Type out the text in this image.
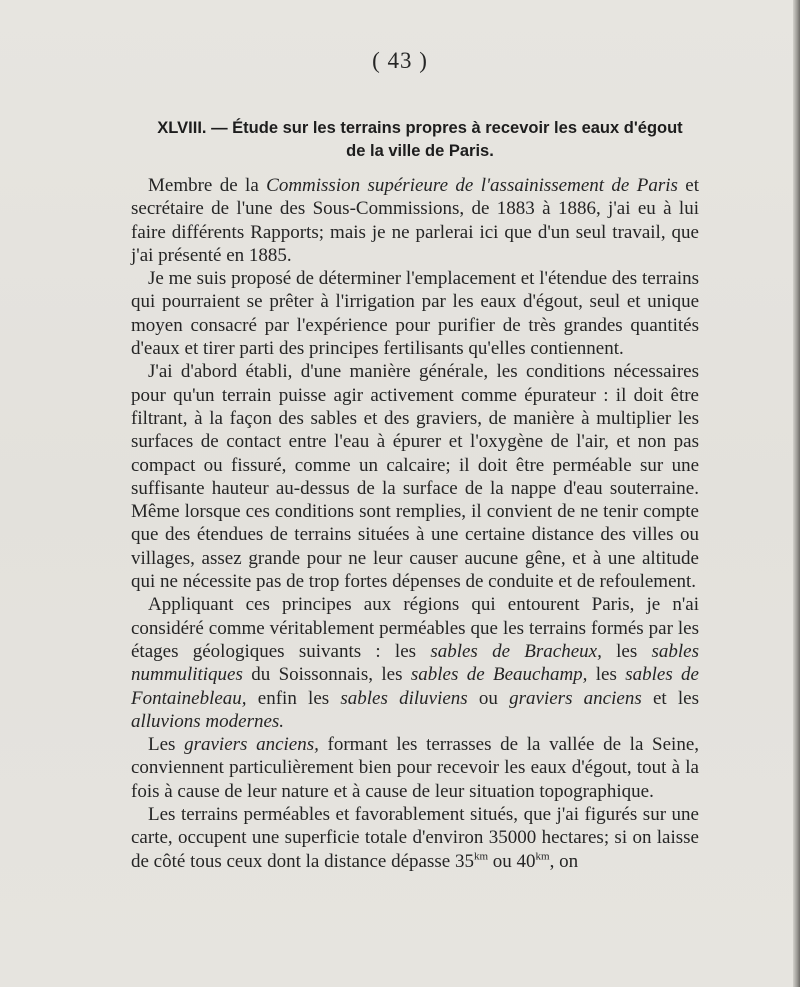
( 43 )
XLVIII. — Étude sur les terrains propres à recevoir les eaux d'égout
de la ville de Paris.

Membre de la Commission supérieure de l'assainissement de Paris et secrétaire de l'une des Sous-Commissions, de 1883 à 1886, j'ai eu à lui faire différents Rapports; mais je ne parlerai ici que d'un seul travail, que j'ai présenté en 1885.

Je me suis proposé de déterminer l'emplacement et l'étendue des terrains qui pourraient se prêter à l'irrigation par les eaux d'égout, seul et unique moyen consacré par l'expérience pour purifier de très grandes quantités d'eaux et tirer parti des principes fertilisants qu'elles contiennent.

J'ai d'abord établi, d'une manière générale, les conditions nécessaires pour qu'un terrain puisse agir activement comme épurateur : il doit être filtrant, à la façon des sables et des graviers, de manière à multiplier les surfaces de contact entre l'eau à épurer et l'oxygène de l'air, et non pas compact ou fissuré, comme un calcaire; il doit être perméable sur une suffisante hauteur au-dessus de la surface de la nappe d'eau souterraine. Même lorsque ces conditions sont remplies, il convient de ne tenir compte que des étendues de terrains situées à une certaine distance des villes ou villages, assez grande pour ne leur causer aucune gêne, et à une altitude qui ne nécessite pas de trop fortes dépenses de conduite et de refoulement.

Appliquant ces principes aux régions qui entourent Paris, je n'ai considéré comme véritablement perméables que les terrains formés par les étages géologiques suivants : les sables de Bracheux, les sables nummulitiques du Soissonnais, les sables de Beauchamp, les sables de Fontainebleau, enfin les sables diluviens ou graviers anciens et les alluvions modernes.

Les graviers anciens, formant les terrasses de la vallée de la Seine, conviennent particulièrement bien pour recevoir les eaux d'égout, tout à la fois à cause de leur nature et à cause de leur situation topographique.

Les terrains perméables et favorablement situés, que j'ai figurés sur une carte, occupent une superficie totale d'environ 35000 hectares; si on laisse de côté tous ceux dont la distance dépasse $35^{km}$ ou $40^{km}$, on
